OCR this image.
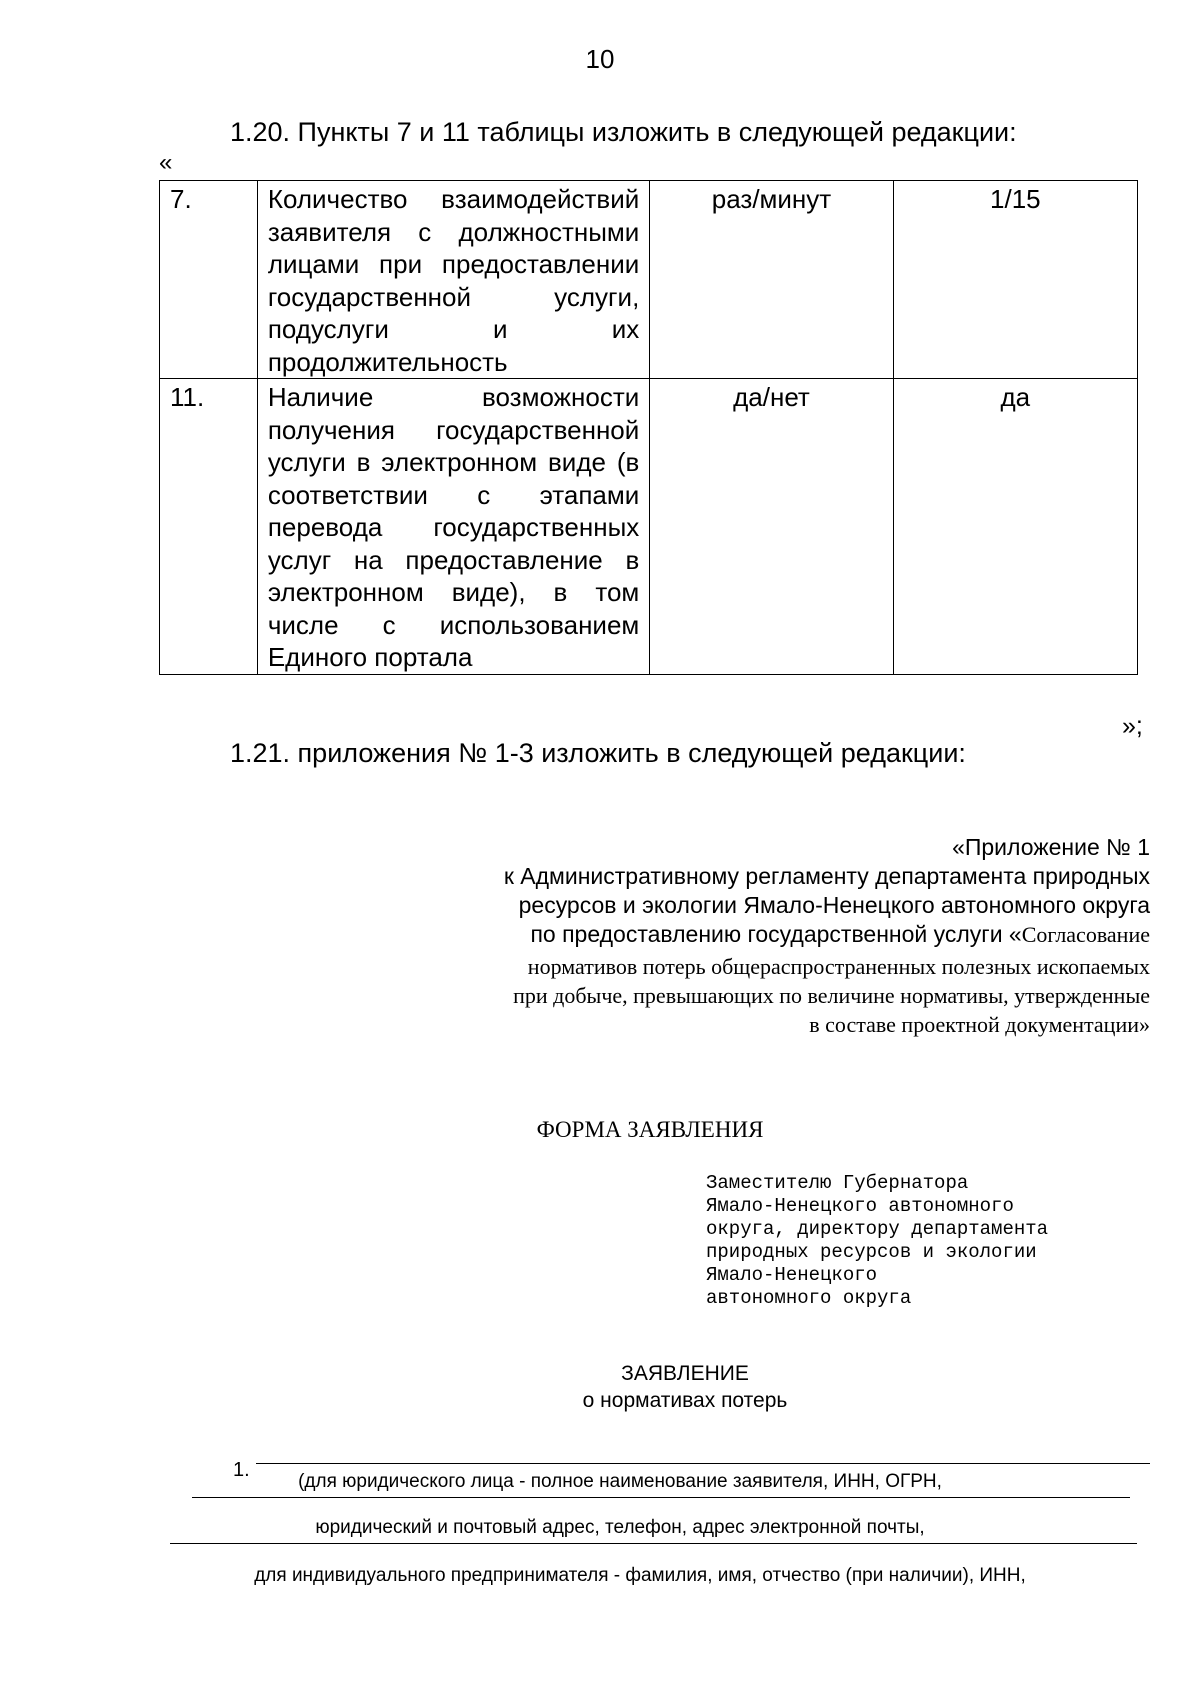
10
1.20. Пункты 7 и 11 таблицы изложить в следующей редакции:
«
7.	Количество взаимодействий заявителя с должностными лицами при предоставлении государственной услуги, подуслуги и их продолжительность	раз/минут	1/15
11.	Наличие возможности получения государственной услуги в электронном виде (в соответствии с этапами перевода государственных услуг на предоставление в электронном виде), в том числе с использованием Единого портала	да/нет	да
»;
1.21. приложения № 1-3 изложить в следующей редакции:
«Приложение № 1
к Административному регламенту департамента природных
ресурсов и экологии Ямало-Ненецкого автономного округа
по предоставлению государственной услуги «Согласование
нормативов потерь общераспространенных полезных ископаемых
при добыче, превышающих по величине нормативы, утвержденные
в составе проектной документации»
ФОРМА ЗАЯВЛЕНИЯ
Заместителю Губернатора
Ямало-Ненецкого автономного
округа, директору департамента
природных ресурсов и экологии
Ямало-Ненецкого
автономного округа
ЗАЯВЛЕНИЕ
о нормативах потерь
1.
(для юридического лица - полное наименование заявителя, ИНН, ОГРН,
юридический и почтовый адрес, телефон, адрес электронной почты,
для индивидуального предпринимателя - фамилия, имя, отчество (при наличии), ИНН,
